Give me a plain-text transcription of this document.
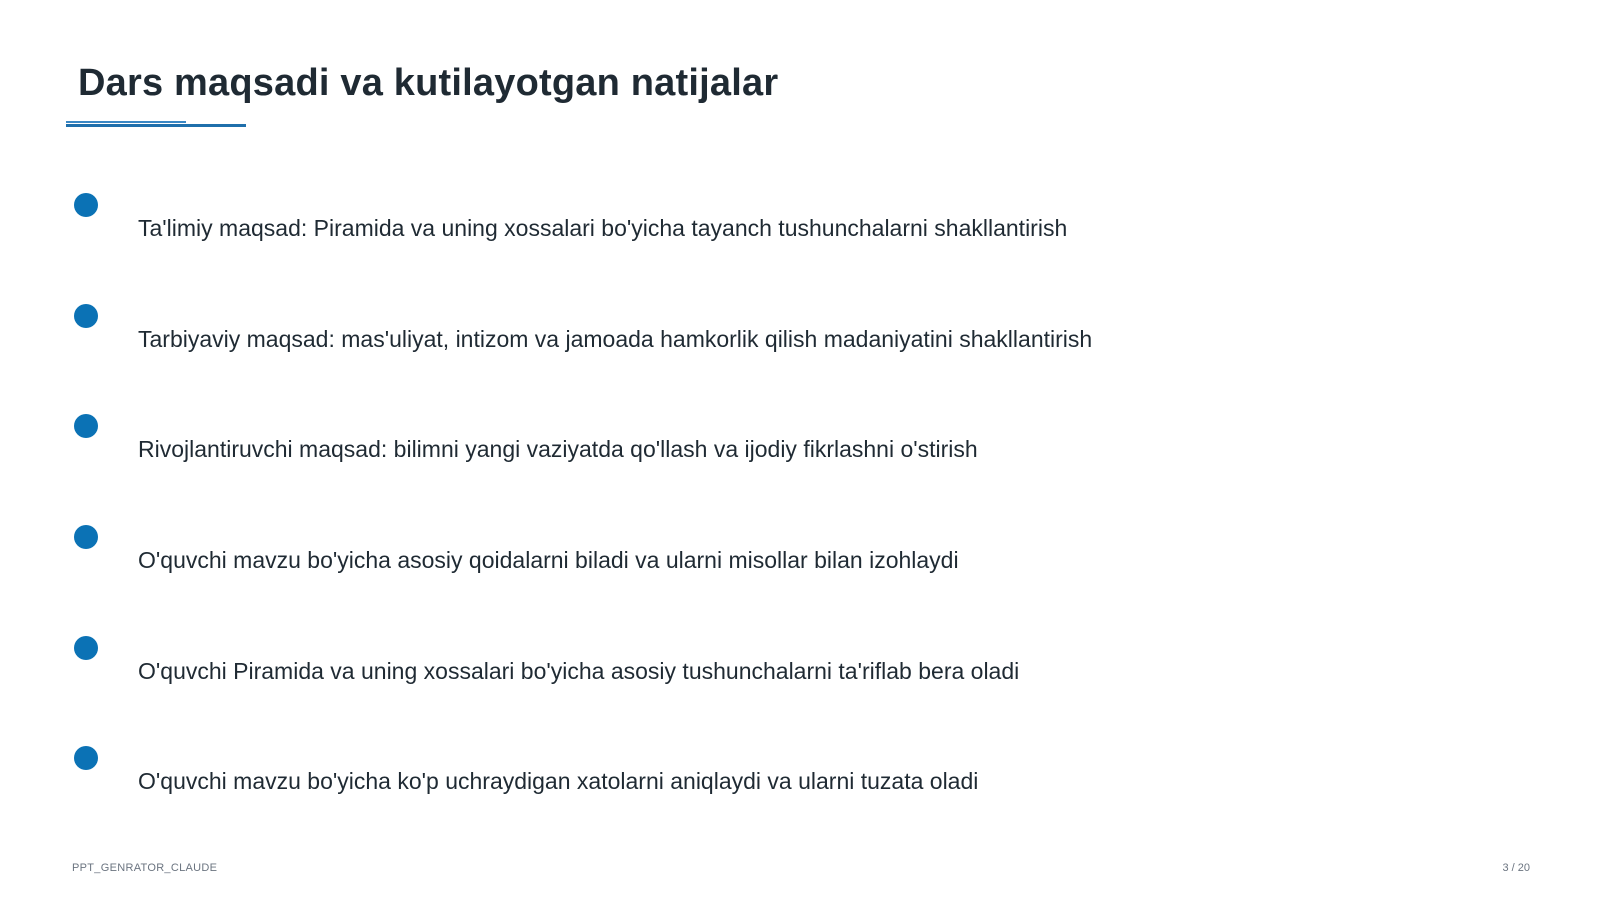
Dars maqsadi va kutilayotgan natijalar
Ta'limiy maqsad: Piramida va uning xossalari bo'yicha tayanch tushunchalarni shakllantirish
Tarbiyaviy maqsad: mas'uliyat, intizom va jamoada hamkorlik qilish madaniyatini shakllantirish
Rivojlantiruvchi maqsad: bilimni yangi vaziyatda qo'llash va ijodiy fikrlashni o'stirish
O'quvchi mavzu bo'yicha asosiy qoidalarni biladi va ularni misollar bilan izohlaydi
O'quvchi Piramida va uning xossalari bo'yicha asosiy tushunchalarni ta'riflab bera oladi
O'quvchi mavzu bo'yicha ko'p uchraydigan xatolarni aniqlaydi va ularni tuzata oladi
PPT_GENRATOR_CLAUDE	3 / 20
